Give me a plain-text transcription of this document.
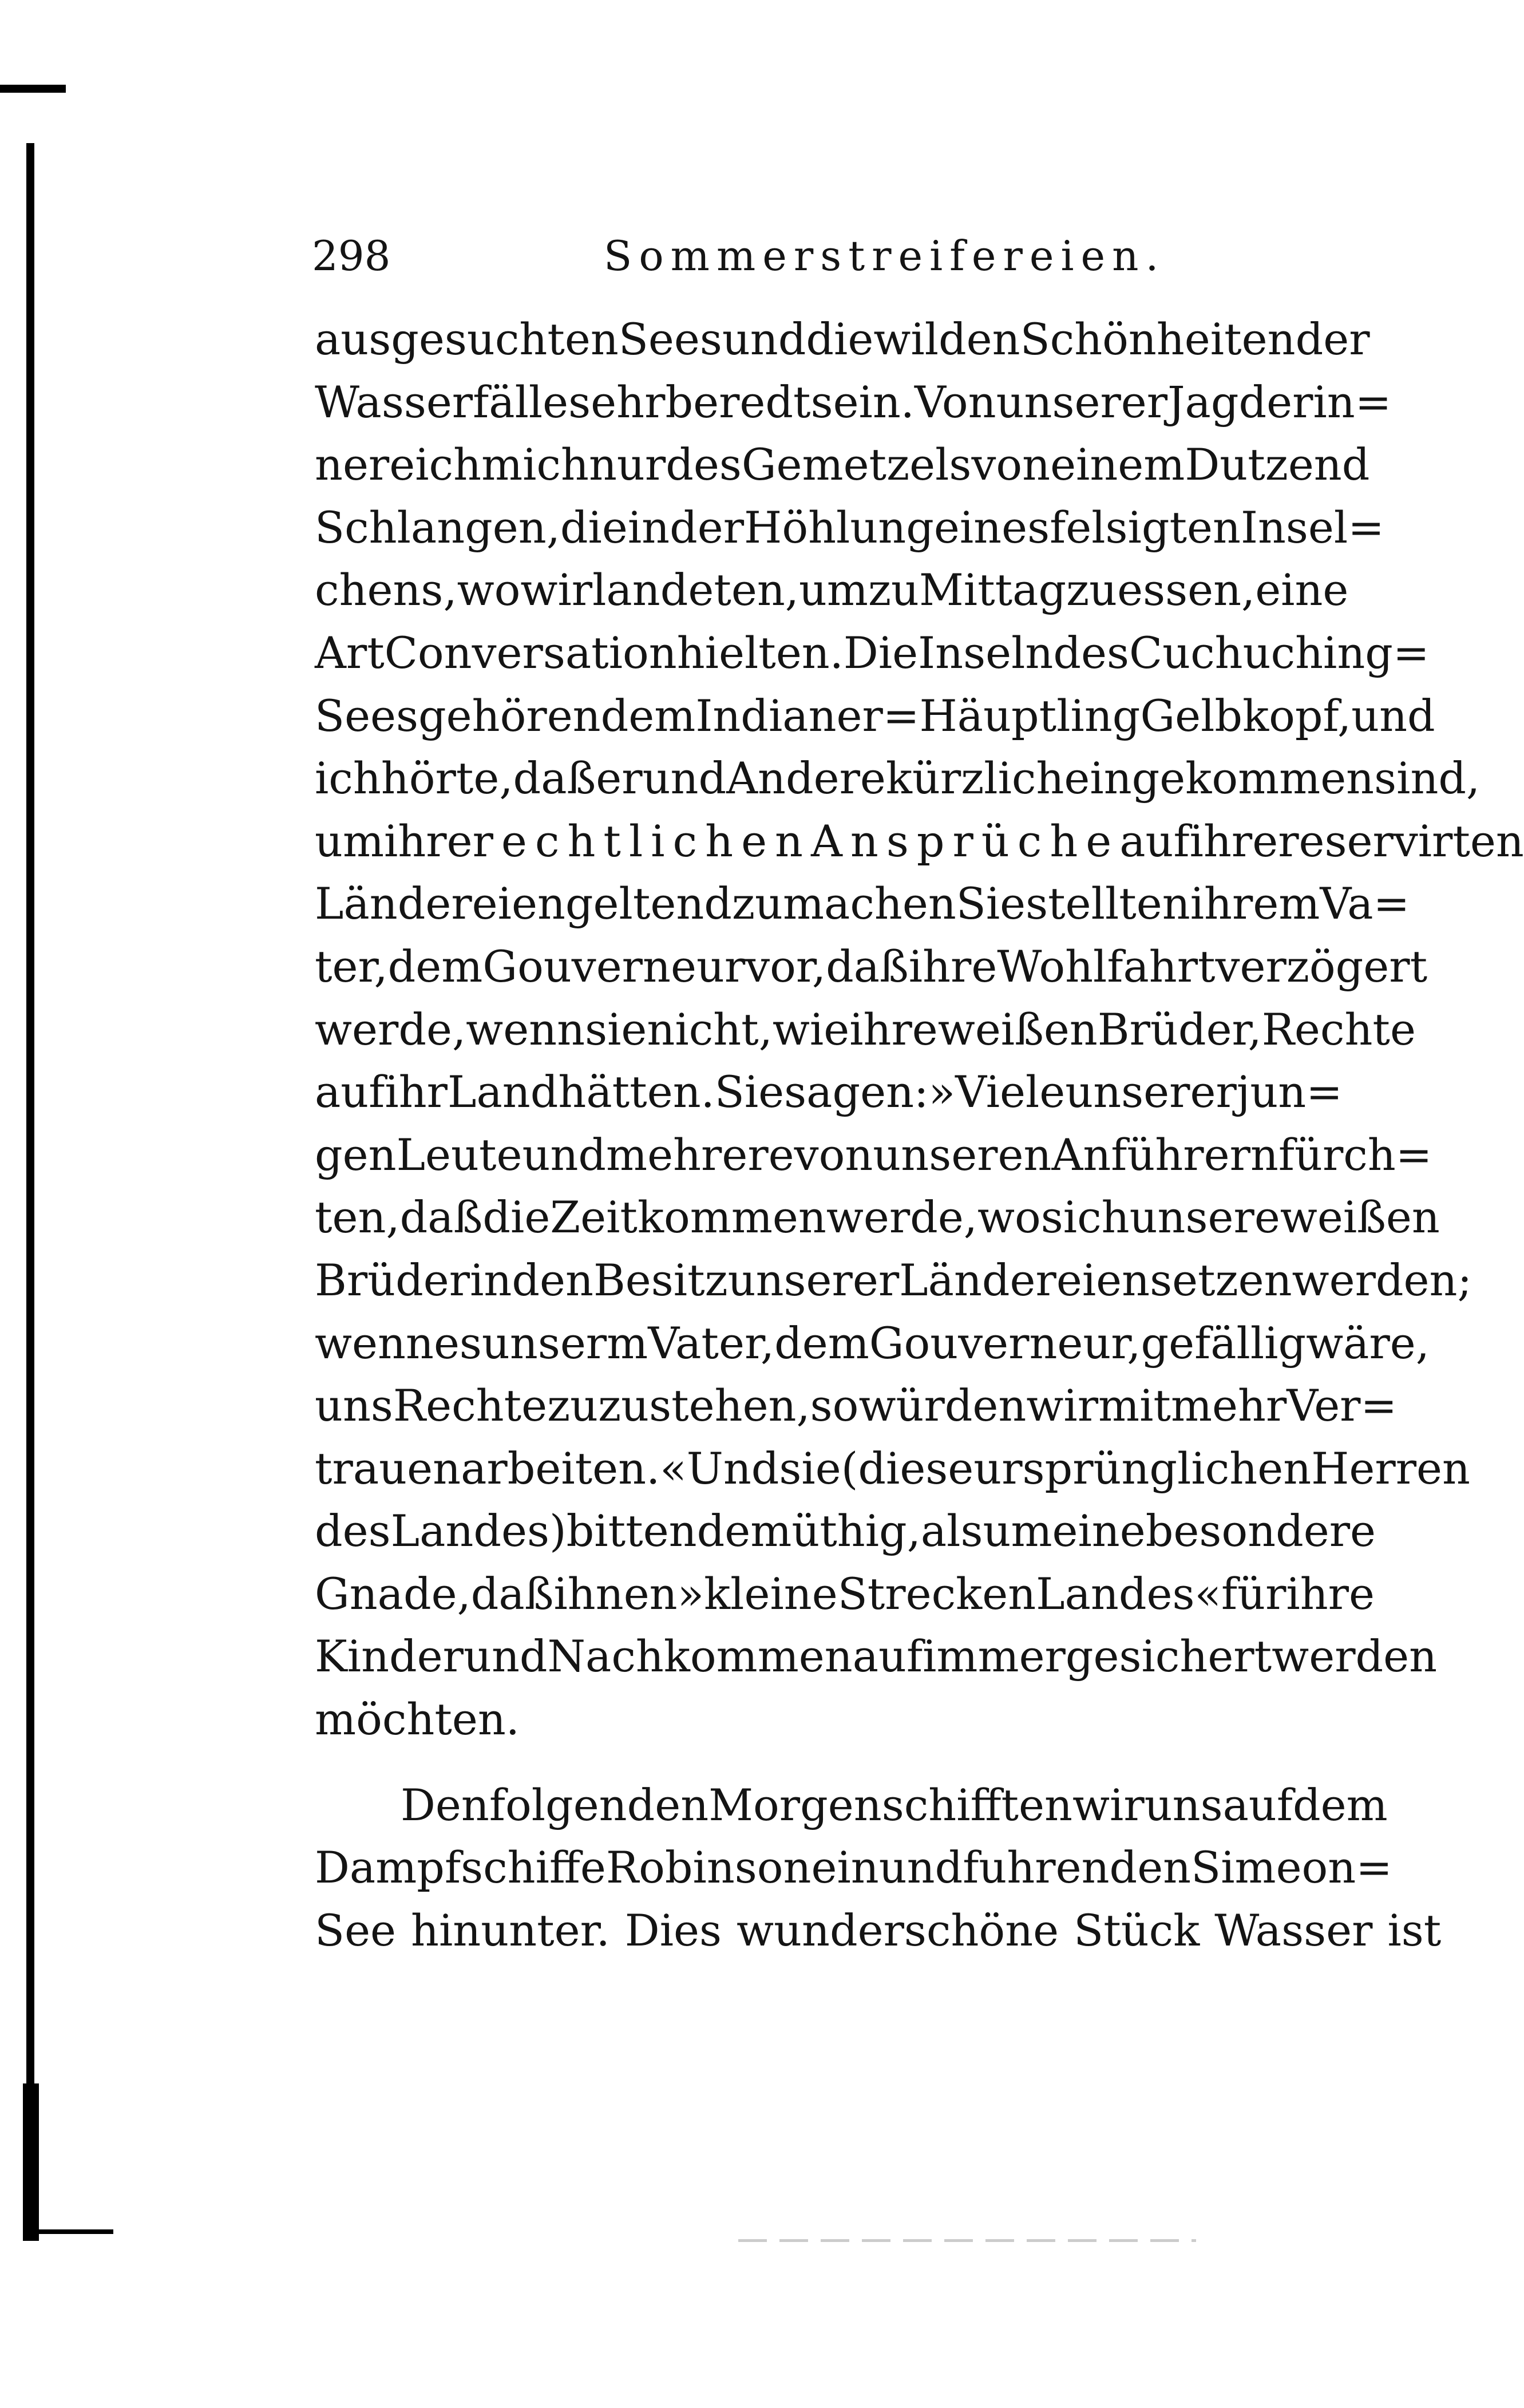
298	Sommerstreifereien.
ausgesuchten Sees und die wilden Schönheiten der
Wasserfälle sehr beredt sein. Von unserer Jagd erin=
nere ich mich nur des Gemetzels von einem Dutzend
Schlangen, die in der Höhlung eines felsigten Insel=
chens, wo wir landeten, um zu Mittag zu essen, eine
Art Conversation hielten. Die Inseln des Cuchuching=
Sees gehören dem Indianer=Häuptling Gelbkopf, und
ich hörte, daß er und Andere kürzlich eingekommen sind,
um ihre rechtlichen Ansprüche auf ihre reservirten
Ländereien geltend zu machen Sie stellten ihrem Va=
ter, dem Gouverneur vor, daß ihre Wohlfahrt verzögert
werde, wenn sie nicht, wie ihre weißen Brüder, Rechte
auf ihr Land hätten. Sie sagen: »Viele unserer jun=
gen Leute und mehrere von unseren Anführern fürch=
ten, daß die Zeit kommen werde, wo sich unsere weißen
Brüder in den Besitz unserer Ländereien setzen werden;
wenn es unserm Vater, dem Gouverneur, gefällig wäre,
uns Rechte zuzustehen, so würden wir mit mehr Ver=
trauen arbeiten.« Und sie (diese ursprünglichen Herren
des Landes) bitten demüthig, als um eine besondere
Gnade, daß ihnen »kleine Strecken Landes« für ihre
Kinder und Nachkommen auf immer gesichert werden
möchten.
Den folgenden Morgen schifften wir uns auf dem
Dampfschiffe Robinson ein und fuhren den Simeon=
See hinunter. Dies wunderschöne Stück Wasser ist
